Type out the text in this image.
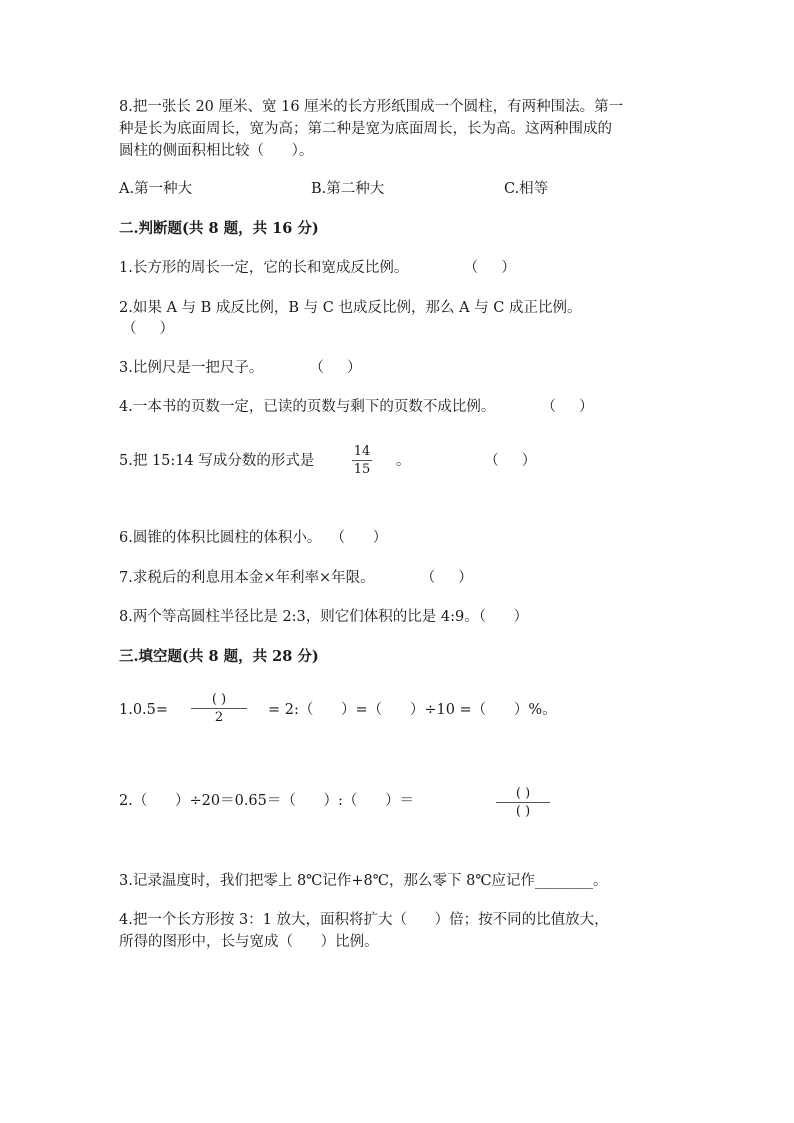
8.把一张长 20 厘米、宽 16 厘米的长方形纸围成一个圆柱，有两种围法。第一
种是长为底面周长，宽为高；第二种是宽为底面周长，长为高。这两种围成的
圆柱的侧面积相比较（      ）。
A.第一种大	B.第二种大	C.相等
二.判断题(共 8 题，共 16 分)
1.长方形的周长一定，它的长和宽成反比例。            （     ）
2.如果 A 与 B 成反比例，B 与 C 也成反比例，那么 A 与 C 成正比例。
（     ）
3.比例尺是一把尺子。          （     ）
4.一本书的页数一定，已读的页数与剩下的页数不成比例。          （     ）
5.把 15:14 写成分数的形式是
14
15
。                （     ）
6.圆锥的体积比圆柱的体积小。  （      ）
7.求税后的利息用本金×年利率×年限。          （     ）
8.两个等高圆柱半径比是 2:3，则它们体积的比是 4:9。（      ）
三.填空题(共 8 题，共 28 分)
1.0.5=
( )
2	= 2:（      ）=（      ）÷10 =（      ）%。
2.（      ）÷20＝0.65＝（      ）:（      ）＝	( )
( )
3.记录温度时，我们把零上 8℃记作+8℃，那么零下 8℃应记作________。
4.把一个长方形按 3：1 放大，面积将扩大（      ）倍；按不同的比值放大，
所得的图形中，长与宽成（      ）比例。
